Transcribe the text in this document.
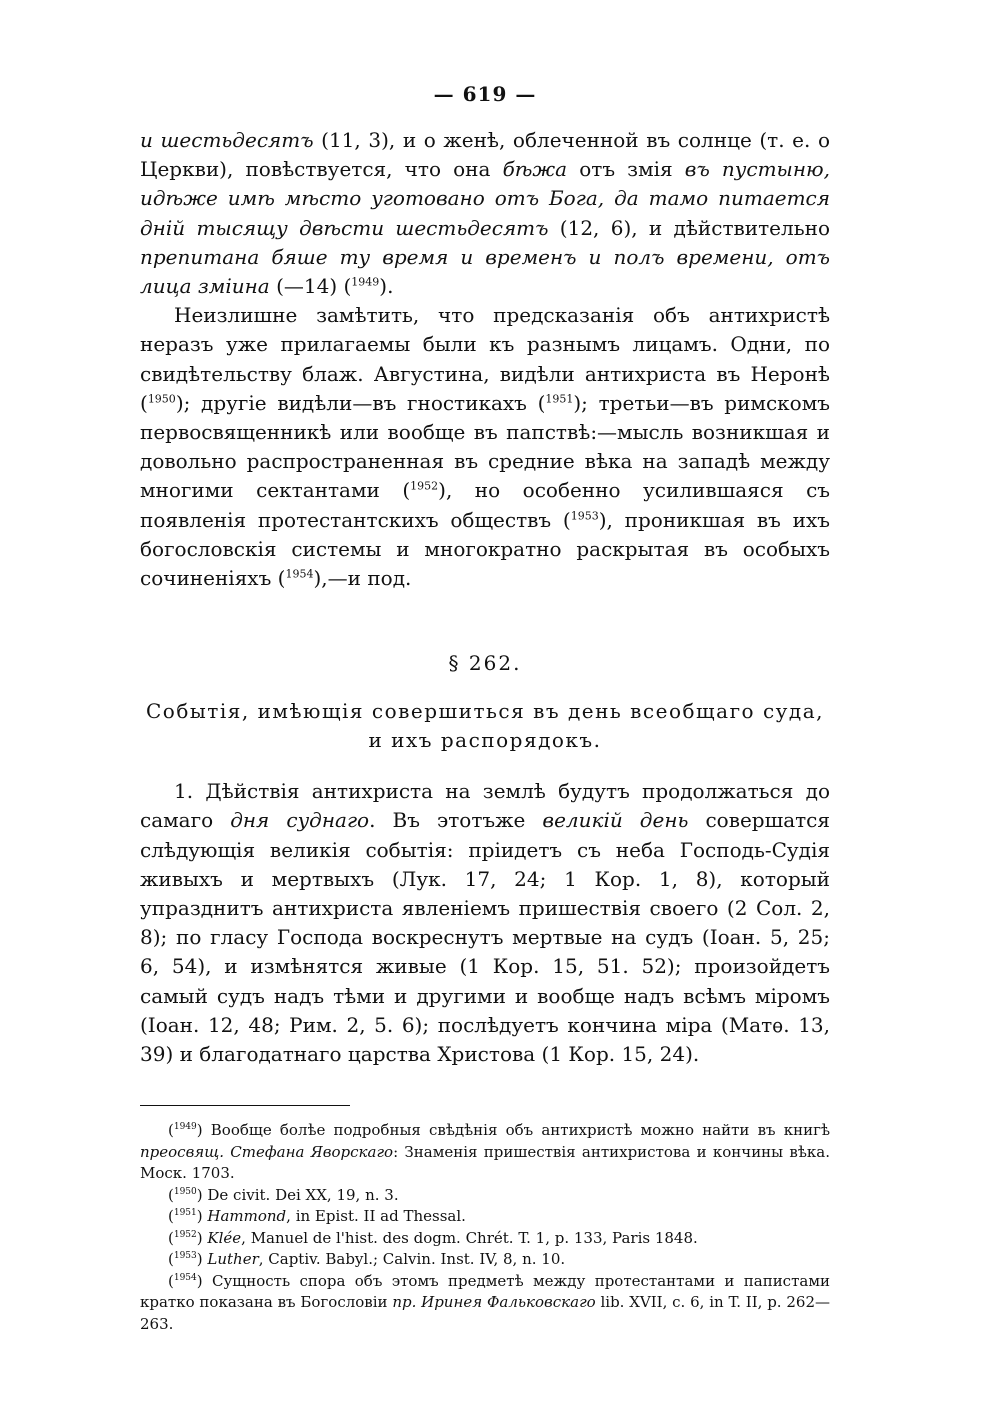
— 619 —

и шестьдесятъ (11, 3), и о женѣ, облеченной въ солнце (т. е. о Церкви), повѣствуется, что она бѣжа отъ змія въ пустыню, идѣже имѣ мѣсто уготовано отъ Бога, да тамо питается днiй тысящу двѣсти шестьдесятъ (12, 6), и дѣйствительно препитана бяше ту время и временъ и полъ времени, отъ лица змiина (—14) ($^{1949}$).

Неизлишне замѣтить, что предсказанiя объ антихристѣ неразъ уже прилагаемы были къ разнымъ лицамъ. Одни, по свидѣтельству блаж. Августина, видѣли антихриста въ Неронѣ ($^{1950}$); другiе видѣли—въ гностикахъ ($^{1951}$); третьи—въ римскомъ первосвященникѣ или вообще въ папствѣ:—мысль возникшая и довольно распространенная въ средние вѣка на западѣ между многими сектантами ($^{1952}$), но особенно усилившаяся съ появленiя протестантскихъ обществъ ($^{1953}$), проникшая въ ихъ богословскiя системы и многократно раскрытая въ особыхъ сочиненiяхъ ($^{1954}$),—и под.

§ 262.
Событiя, имѣющiя совершиться въ день всеобщаго суда, и ихъ распорядокъ.

1. Дѣйствiя антихриста на землѣ будутъ продолжаться до самаго дня суднаго. Въ этотъже великiй день совершатся слѣдующiя великiя событiя: прiидетъ съ неба Господь-Судiя живыхъ и мертвыхъ (Лук. 17, 24; 1 Кор. 1, 8), который упразднитъ антихриста явленiемъ пришествiя своего (2 Сол. 2, 8); по гласу Господа воскреснутъ мертвые на судъ (Iоан. 5, 25; 6, 54), и измѣнятся живые (1 Кор. 15, 51. 52); произойдетъ самый судъ надъ тѣми и другими и вообще надъ всѣмъ мiромъ (Iоан. 12, 48; Рим. 2, 5. 6); послѣдуетъ кончина мiра (Матѳ. 13, 39) и благодатнаго царства Христова (1 Кор. 15, 24).

($^{1949}$) Вообще болѣе подробныя свѣдѣнiя объ антихристѣ можно найти въ книгѣ преосвящ. Стефана Яворскаго: Знаменiя пришествiя антихристова и кончины вѣка. Моск. 1703.

($^{1950}$) De civit. Dei XX, 19, n. 3.

($^{1951}$) Hammond, in Epist. II ad Thessal.

($^{1952}$) Klée, Manuel de l'hist. des dogm. Chrét. T. 1, p. 133, Paris 1848.

($^{1953}$) Luther, Captiv. Babyl.; Calvin. Inst. IV, 8, n. 10.

($^{1954}$) Сущность спора объ этомъ предметѣ между протестантами и папистами кратко показана въ Богословiи пр. Иринея Фальковскаго lib. XVII, c. 6, in T. II, p. 262—263.
